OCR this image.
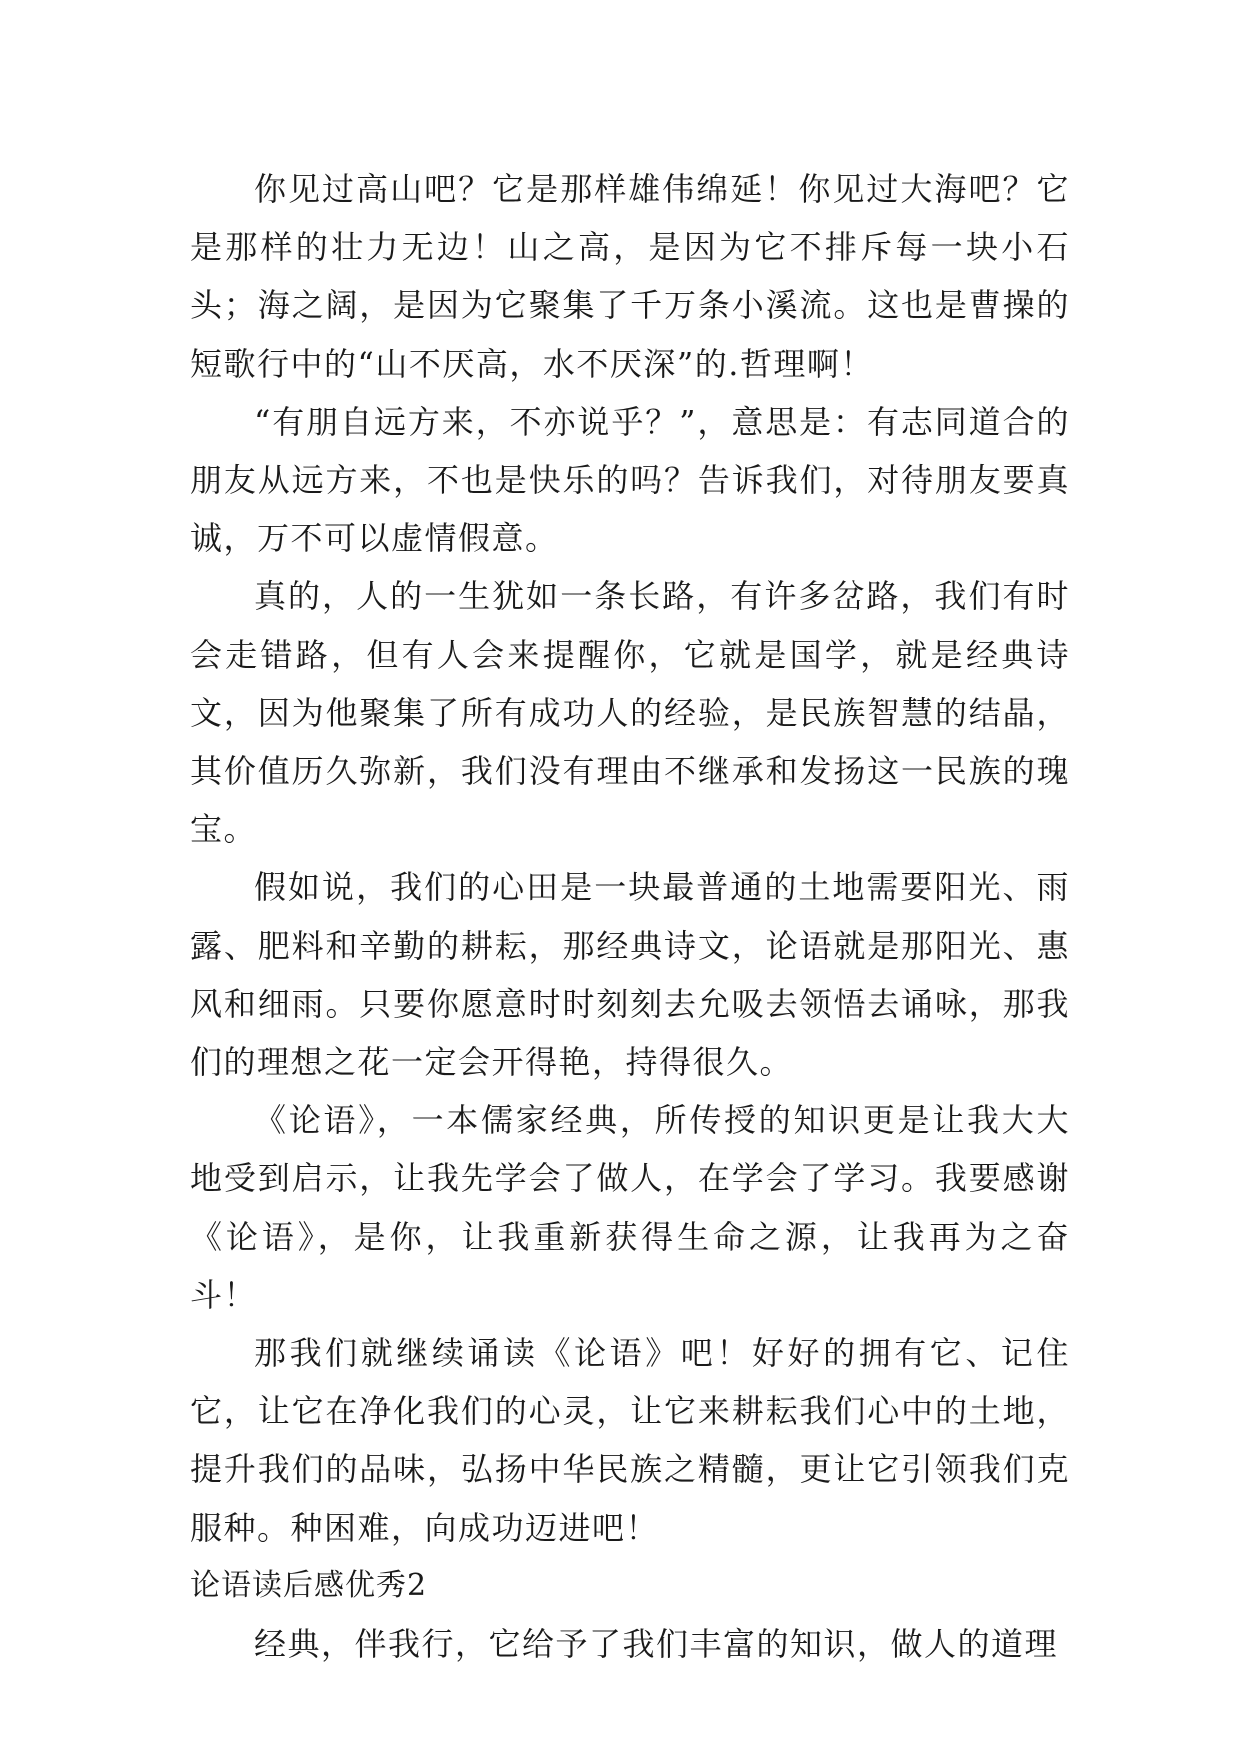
你见过高山吧？它是那样雄伟绵延！你见过大海吧？它是那样的壮力无边！山之高，是因为它不排斥每一块小石头；海之阔，是因为它聚集了千万条小溪流。这也是曹操的短歌行中的“山不厌高，水不厌深”的.哲理啊！

“有朋自远方来，不亦说乎？”，意思是：有志同道合的朋友从远方来，不也是快乐的吗？告诉我们，对待朋友要真诚，万不可以虚情假意。

真的，人的一生犹如一条长路，有许多岔路，我们有时会走错路，但有人会来提醒你，它就是国学，就是经典诗文，因为他聚集了所有成功人的经验，是民族智慧的结晶，其价值历久弥新，我们没有理由不继承和发扬这一民族的瑰宝。

假如说，我们的心田是一块最普通的土地需要阳光、雨露、肥料和辛勤的耕耘，那经典诗文，论语就是那阳光、惠风和细雨。只要你愿意时时刻刻去允吸去领悟去诵咏，那我们的理想之花一定会开得艳，持得很久。

《论语》，一本儒家经典，所传授的知识更是让我大大地受到启示，让我先学会了做人，在学会了学习。我要感谢《论语》，是你，让我重新获得生命之源，让我再为之奋斗！

那我们就继续诵读《论语》吧！好好的拥有它、记住它，让它在净化我们的心灵，让它来耕耘我们心中的土地，提升我们的品味，弘扬中华民族之精髓，更让它引领我们克服种。种困难，向成功迈进吧！

论语读后感优秀2

经典，伴我行，它给予了我们丰富的知识，做人的道理
